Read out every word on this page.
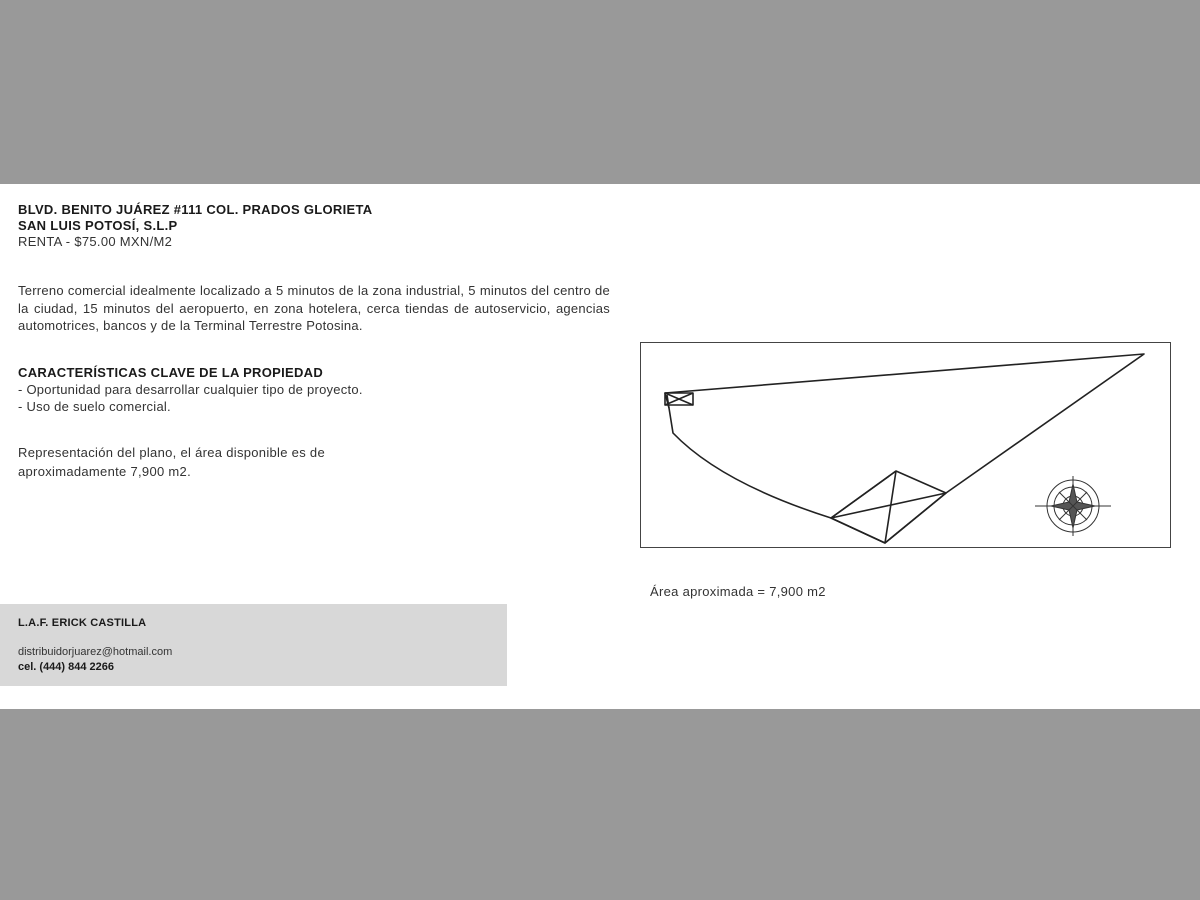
BLVD. BENITO JUÁREZ #111 COL. PRADOS GLORIETA
SAN LUIS POTOSÍ, S.L.P
RENTA - $75.00 MXN/M2
Terreno comercial idealmente localizado a 5 minutos de la zona industrial, 5 minutos del centro de la ciudad, 15 minutos del aeropuerto, en zona hotelera, cerca tiendas de autoservicio, agencias automotrices, bancos y de la Terminal Terrestre Potosina.
CARACTERÍSTICAS CLAVE DE LA PROPIEDAD
- Oportunidad para desarrollar cualquier tipo de proyecto.
- Uso de suelo comercial.
Representación del plano, el área disponible es de
aproximadamente 7,900 m2.
L.A.F. ERICK CASTILLA
distribuidorjuarez@hotmail.com
cel. (444) 844 2266
Área aproximada = 7,900 m2
